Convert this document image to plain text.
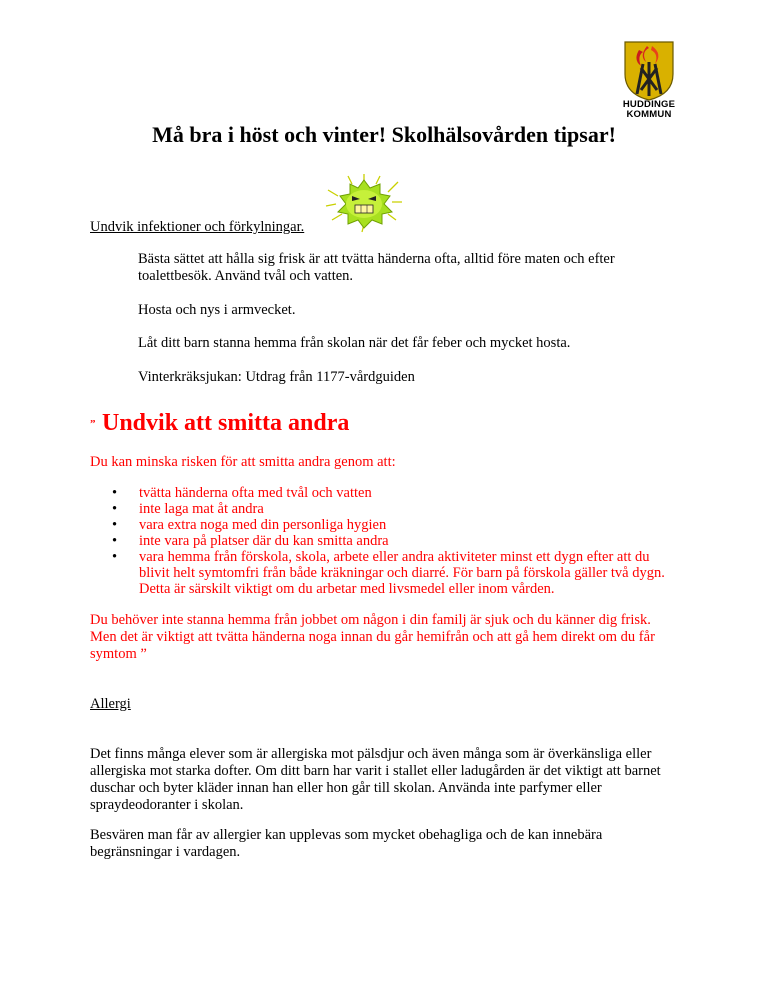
HUDDINGE
KOMMUN
Må bra i höst och vinter! Skolhälsovården tipsar!
Undvik infektioner och förkylningar.
Bästa sättet att hålla sig frisk är att tvätta händerna ofta, alltid före maten och efter toalettbesök. Använd tvål och vatten.
Hosta och nys i armvecket.
Låt ditt barn stanna hemma från skolan när det får feber och mycket hosta.
Vinterkräksjukan: Utdrag från 1177-vårdguiden
” Undvik att smitta andra
Du kan minska risken för att smitta andra genom att:
• tvätta händerna ofta med tvål och vatten
• inte laga mat åt andra
• vara extra noga med din personliga hygien
• inte vara på platser där du kan smitta andra
• vara hemma från förskola, skola, arbete eller andra aktiviteter minst ett dygn efter att du blivit helt symtomfri från både kräkningar och diarré. För barn på förskola gäller två dygn. Detta är särskilt viktigt om du arbetar med livsmedel eller inom vården.
Du behöver inte stanna hemma från jobbet om någon i din familj är sjuk och du känner dig frisk. Men det är viktigt att tvätta händerna noga innan du går hemifrån och att gå hem direkt om du får symtom ”
Allergi
Det finns många elever som är allergiska mot pälsdjur och även många som är överkänsliga eller allergiska mot starka dofter. Om ditt barn har varit i stallet eller ladugården är det viktigt att barnet duschar och byter kläder innan han eller hon går till skolan. Använda inte parfymer eller spraydeodoranter i skolan.
Besvären man får av allergier kan upplevas som mycket obehagliga och de kan innebära begränsningar i vardagen.
